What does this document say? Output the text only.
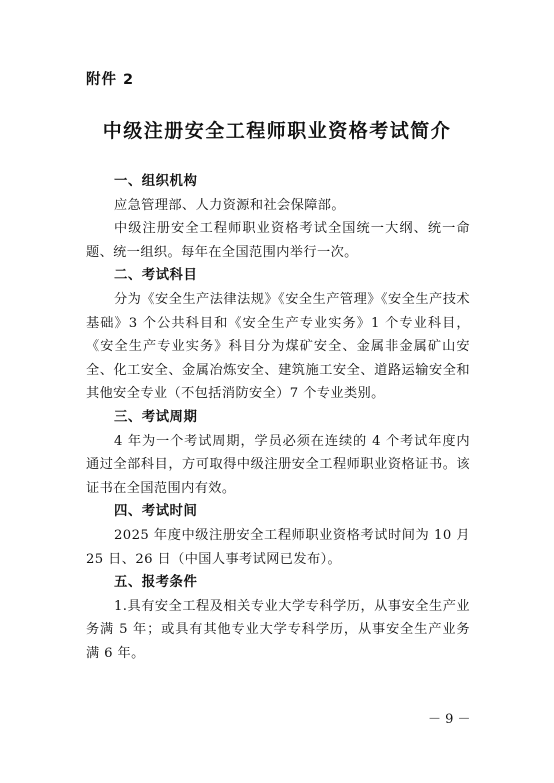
附件 2
中级注册安全工程师职业资格考试简介

一、组织机构

应急管理部、人力资源和社会保障部。

中级注册安全工程师职业资格考试全国统一大纲、统一命题、统一组织。每年在全国范围内举行一次。

二、考试科目

分为《安全生产法律法规》《安全生产管理》《安全生产技术基础》3 个公共科目和《安全生产专业实务》1 个专业科目，《安全生产专业实务》科目分为煤矿安全、金属非金属矿山安全、化工安全、金属冶炼安全、建筑施工安全、道路运输安全和其他安全专业（不包括消防安全）7 个专业类别。

三、考试周期

4 年为一个考试周期，学员必须在连续的 4 个考试年度内通过全部科目，方可取得中级注册安全工程师职业资格证书。该证书在全国范围内有效。

四、考试时间

2025 年度中级注册安全工程师职业资格考试时间为 10 月 25 日、26 日（中国人事考试网已发布）。

五、报考条件

1.具有安全工程及相关专业大学专科学历，从事安全生产业务满 5 年；或具有其他专业大学专科学历，从事安全生产业务满 6 年。

－ 9 －
